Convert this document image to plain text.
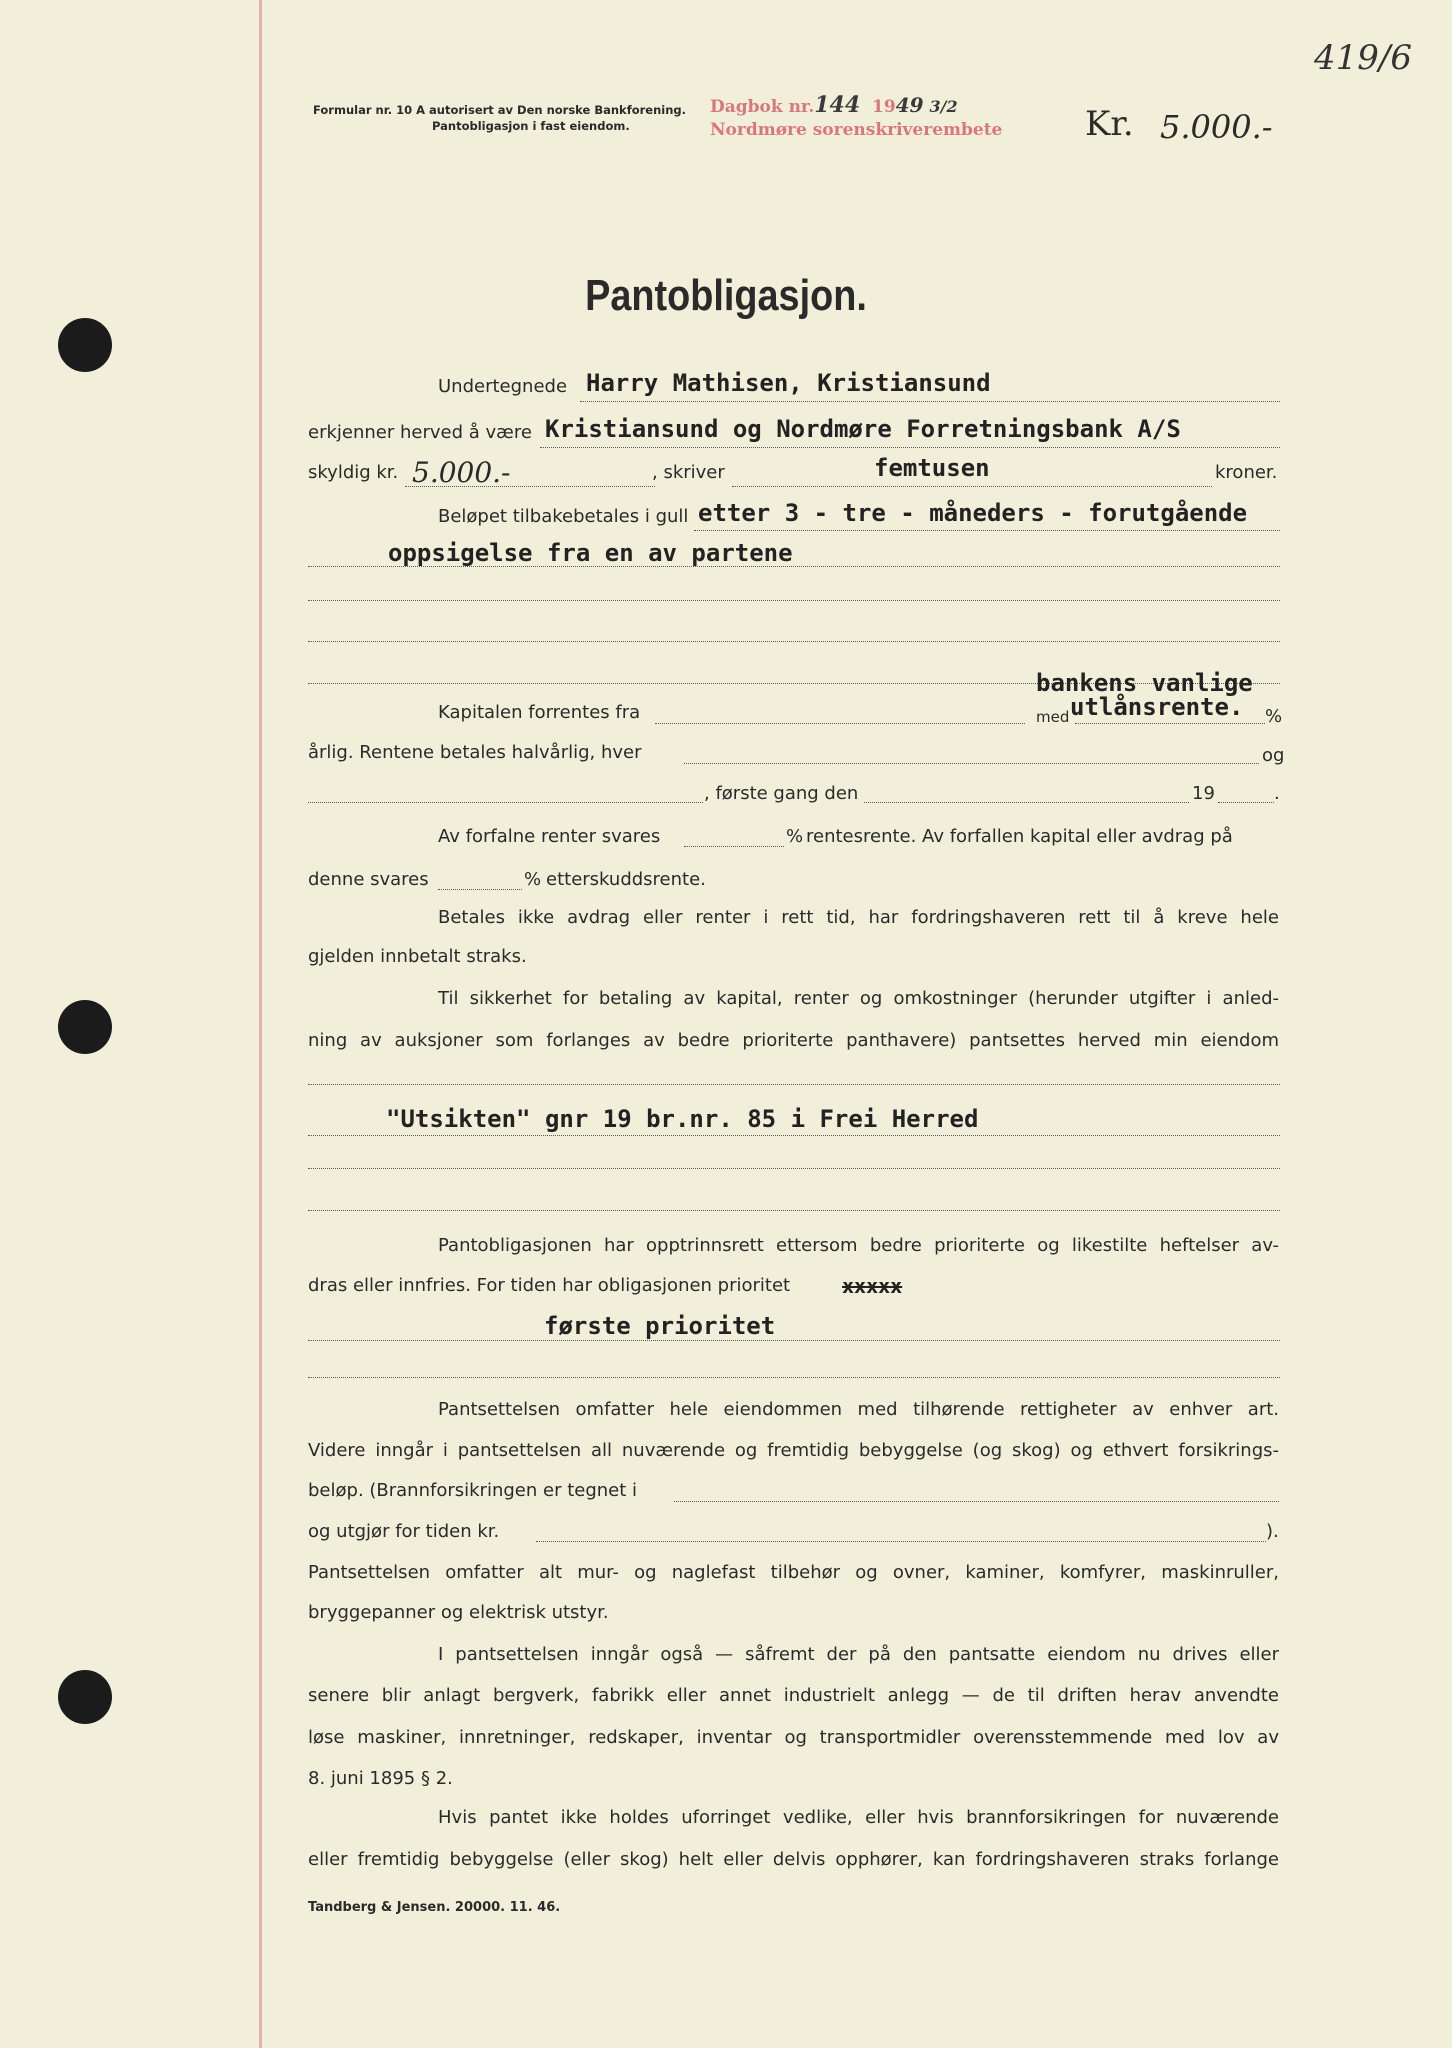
419/6
Formular nr. 10 A autorisert av Den norske Bankforening.
Pantobligasjon i fast eiendom.
Dagbok nr.144 1949 3/2
Nordmøre sorenskriverembete Kr. 5.000.-
Pantobligasjon.
Undertegnede Harry Mathisen, Kristiansund
erkjenner herved å være Kristiansund og Nordmøre Forretningsbank A/S
skyldig kr. 5.000.-	, skriver	femtusen	kroner.
Beløpet tilbakebetales i gull etter 3 - tre - måneders - forutgående
oppsigelse fra en av partene
bankens vanlige
utlånsrente.
Kapitalen forrentes fra	med	%
årlig. Rentene betales halvårlig, hver	og
, første gang den	19	.
Av forfalne renter svares	% rentesrente. Av forfallen kapital eller avdrag på
denne svares	% etterskuddsrente.
Betales ikke avdrag eller renter i rett tid, har fordringshaveren rett til å kreve hele
gjelden innbetalt straks.
Til sikkerhet for betaling av kapital, renter og omkostninger (herunder utgifter i anled-
ning av auksjoner som forlanges av bedre prioriterte panthavere) pantsettes herved min eiendom
"Utsikten" gnr 19 br.nr. 85 i Frei Herred
Pantobligasjonen har opptrinnsrett ettersom bedre prioriterte og likestilte heftelser av-
dras eller innfries. For tiden har obligasjonen prioritet	xxxxx
første prioritet
Pantsettelsen omfatter hele eiendommen med tilhørende rettigheter av enhver art.
Videre inngår i pantsettelsen all nuværende og fremtidig bebyggelse (og skog) og ethvert forsikrings-
beløp. (Brannforsikringen er tegnet i
og utgjør for tiden kr.	).
Pantsettelsen omfatter alt mur- og naglefast tilbehør og ovner, kaminer, komfyrer, maskinruller,
bryggepanner og elektrisk utstyr.
I pantsettelsen inngår også — såfremt der på den pantsatte eiendom nu drives eller
senere blir anlagt bergverk, fabrikk eller annet industrielt anlegg — de til driften herav anvendte
løse maskiner, innretninger, redskaper, inventar og transportmidler overensstemmende med lov av
8. juni 1895 § 2.
Hvis pantet ikke holdes uforringet vedlike, eller hvis brannforsikringen for nuværende
eller fremtidig bebyggelse (eller skog) helt eller delvis opphører, kan fordringshaveren straks forlange
Tandberg & Jensen. 20000. 11. 46.
